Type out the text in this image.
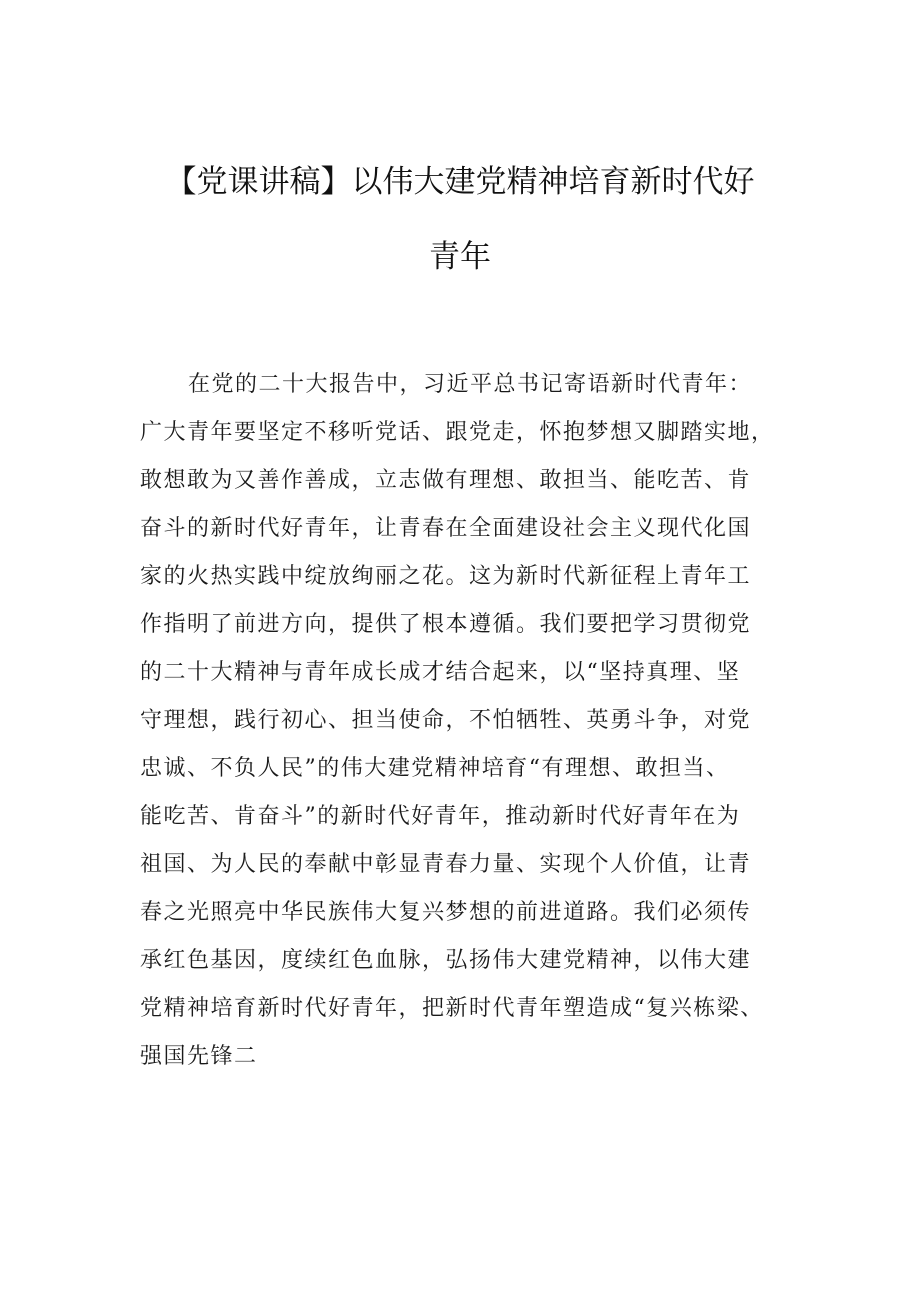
【党课讲稿】以伟大建党精神培育新时代好
青年
在党的二十大报告中，习近平总书记寄语新时代青年：
广大青年要坚定不移听党话、跟党走，怀抱梦想又脚踏实地，
敢想敢为又善作善成，立志做有理想、敢担当、能吃苦、肯
奋斗的新时代好青年，让青春在全面建设社会主义现代化国
家的火热实践中绽放绚丽之花。这为新时代新征程上青年工
作指明了前进方向，提供了根本遵循。我们要把学习贯彻党
的二十大精神与青年成长成才结合起来，以“坚持真理、坚
守理想，践行初心、担当使命，不怕牺牲、英勇斗争，对党
忠诚、不负人民”的伟大建党精神培育“有理想、敢担当、
能吃苦、肯奋斗”的新时代好青年，推动新时代好青年在为
祖国、为人民的奉献中彰显青春力量、实现个人价值，让青
春之光照亮中华民族伟大复兴梦想的前进道路。我们必须传
承红色基因，度续红色血脉，弘扬伟大建党精神，以伟大建
党精神培育新时代好青年，把新时代青年塑造成“复兴栋梁、
强国先锋二
